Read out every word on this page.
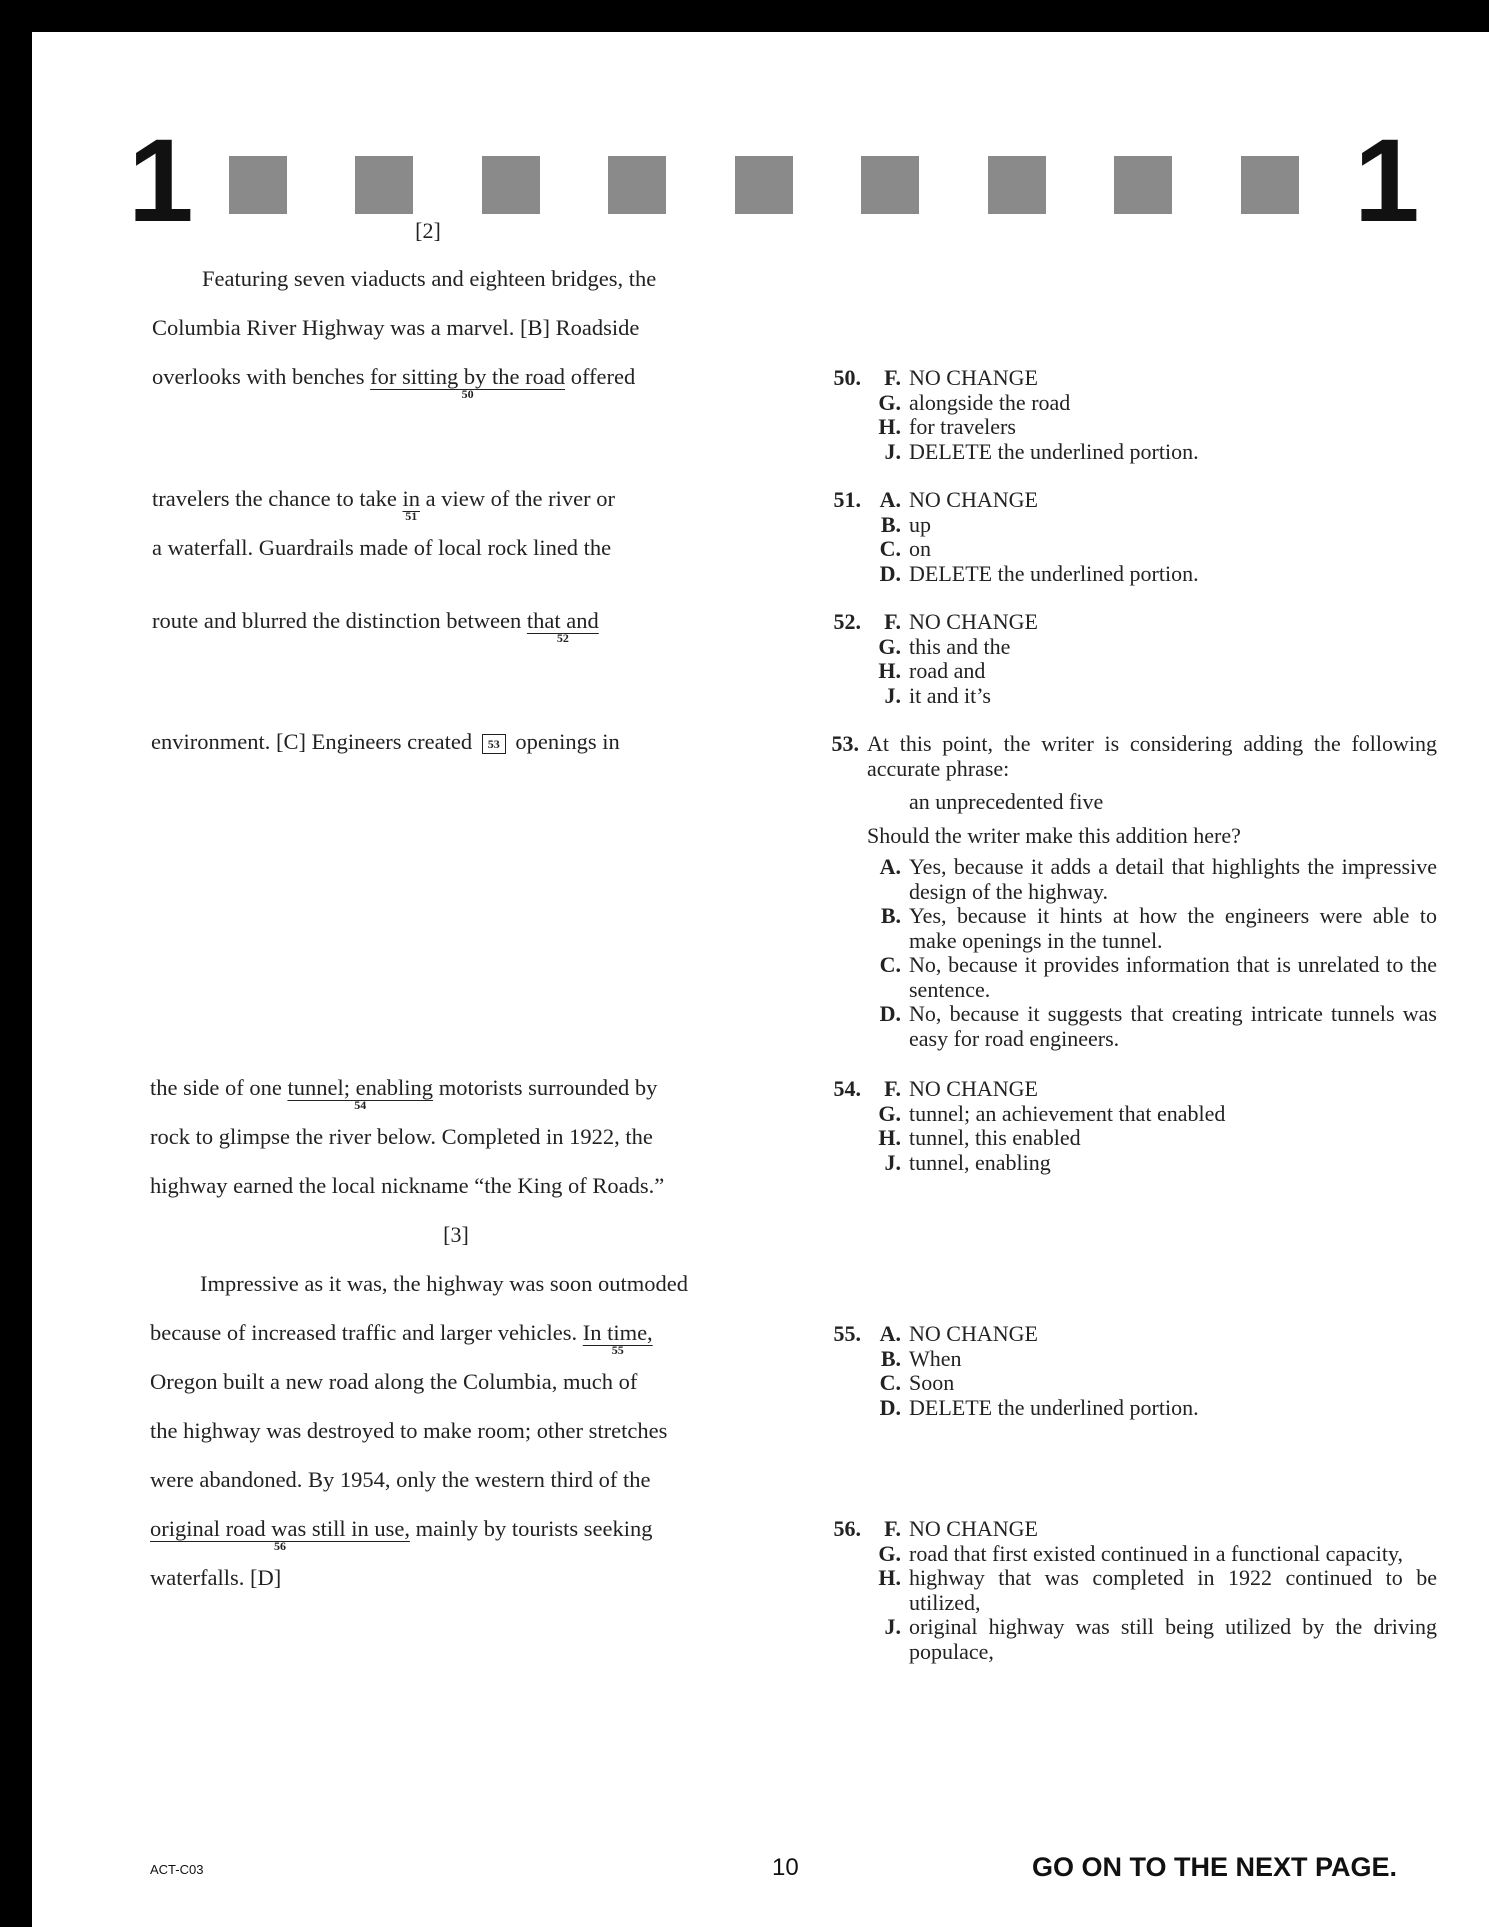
1	1
[2]
Featuring seven viaducts and eighteen bridges, the
Columbia River Highway was a marvel. [B] Roadside
overlooks with benches for sitting by the road
50
offered
travelers the chance to take in
51
a view of the river or
a waterfall. Guardrails made of local rock lined the
route and blurred the distinction between that and
52
environment. [C] Engineers created 53 openings in
the side of one tunnel; enabling
54
motorists surrounded by
rock to glimpse the river below. Completed in 1922, the
highway earned the local nickname “the King of Roads.”
[3]
Impressive as it was, the highway was soon outmoded
because of increased traffic and larger vehicles. In time,
55
Oregon built a new road along the Columbia, much of
the highway was destroyed to make room; other stretches
were abandoned. By 1954, only the western third of the
original road was still in use,
56
mainly by tourists seeking
waterfalls. [D]
50.	F. NO CHANGE
G. alongside the road
H. for travelers
J. DELETE the underlined portion.
51. A. NO CHANGE
B. up
C. on
D. DELETE the underlined portion.
52.	F. NO CHANGE
G. this and the
H. road and
J. it and it’s
53. At this point, the writer is considering adding the following accurate phrase:
an unprecedented five
Should the writer make this addition here?
A. Yes, because it adds a detail that highlights the impressive design of the highway.
B. Yes, because it hints at how the engineers were able to make openings in the tunnel.
C. No, because it provides information that is unrelated to the sentence.
D. No, because it suggests that creating intricate tunnels was easy for road engineers.
54.	F. NO CHANGE
G. tunnel; an achievement that enabled
H. tunnel, this enabled
J. tunnel, enabling
55. A. NO CHANGE
B. When
C. Soon
D. DELETE the underlined portion.
56.	F. NO CHANGE
G. road that first existed continued in a functional capacity,
H. highway that was completed in 1922 continued to be utilized,
J. original highway was still being utilized by the driving populace,
ACT-C03	10	GO ON TO THE NEXT PAGE.
